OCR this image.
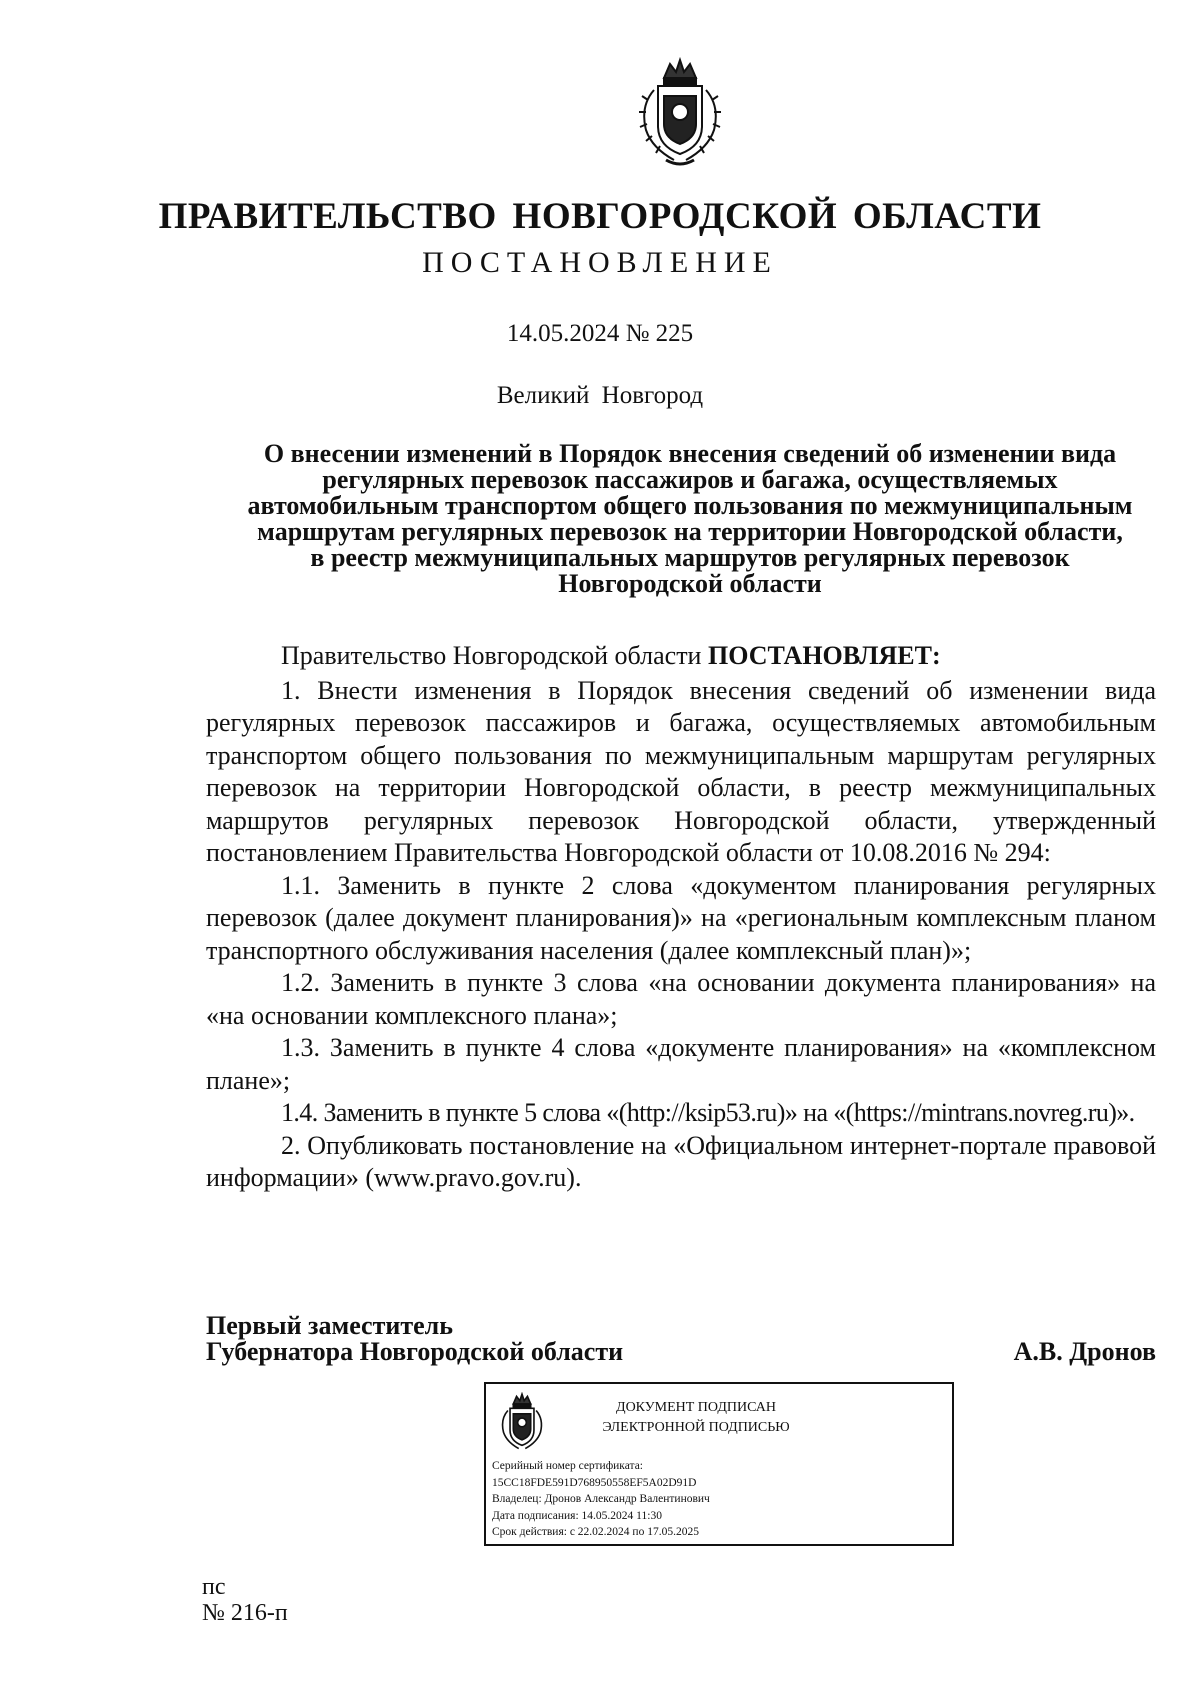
ПРАВИТЕЛЬСТВО НОВГОРОДСКОЙ ОБЛАСТИ
ПОСТАНОВЛЕНИЕ
14.05.2024 № 225
Великий Новгород
О внесении изменений в Порядок внесения сведений об изменении вида
регулярных перевозок пассажиров и багажа, осуществляемых
автомобильным транспортом общего пользования по межмуниципальным
маршрутам регулярных перевозок на территории Новгородской области,
в реестр межмуниципальных маршрутов регулярных перевозок
Новгородской области

Правительство Новгородской области ПОСТАНОВЛЯЕТ:

1. Внести изменения в Порядок внесения сведений об изменении вида регулярных перевозок пассажиров и багажа, осуществляемых автомобильным транспортом общего пользования по межмуниципальным маршрутам регулярных перевозок на территории Новгородской области, в реестр межмуниципальных маршрутов регулярных перевозок Новгородской области, утвержденный постановлением Правительства Новгородской области от 10.08.2016 № 294:

1.1. Заменить в пункте 2 слова «документом планирования регулярных перевозок (далее документ планирования)» на «региональным комплексным планом транспортного обслуживания населения (далее комплексный план)»;

1.2. Заменить в пункте 3 слова «на основании документа планирования» на «на основании комплексного плана»;

1.3. Заменить в пункте 4 слова «документе планирования» на «комплексном плане»;

1.4. Заменить в пункте 5 слова «(http://ksip53.ru)» на «(https://mintrans.novreg.ru)».

2. Опубликовать постановление на «Официальном интернет-портале правовой информации» (www.pravo.gov.ru).

Первый заместитель
Губернатора Новгородской области	А.В. Дронов
ДОКУМЕНТ ПОДПИСАН
ЭЛЕКТРОННОЙ ПОДПИСЬЮ
Серийный номер сертификата:
15CC18FDE591D768950558EF5A02D91D
Владелец: Дронов Александр Валентинович
Дата подписания: 14.05.2024 11:30
Срок действия: с 22.02.2024 по 17.05.2025
пс
№ 216-п
